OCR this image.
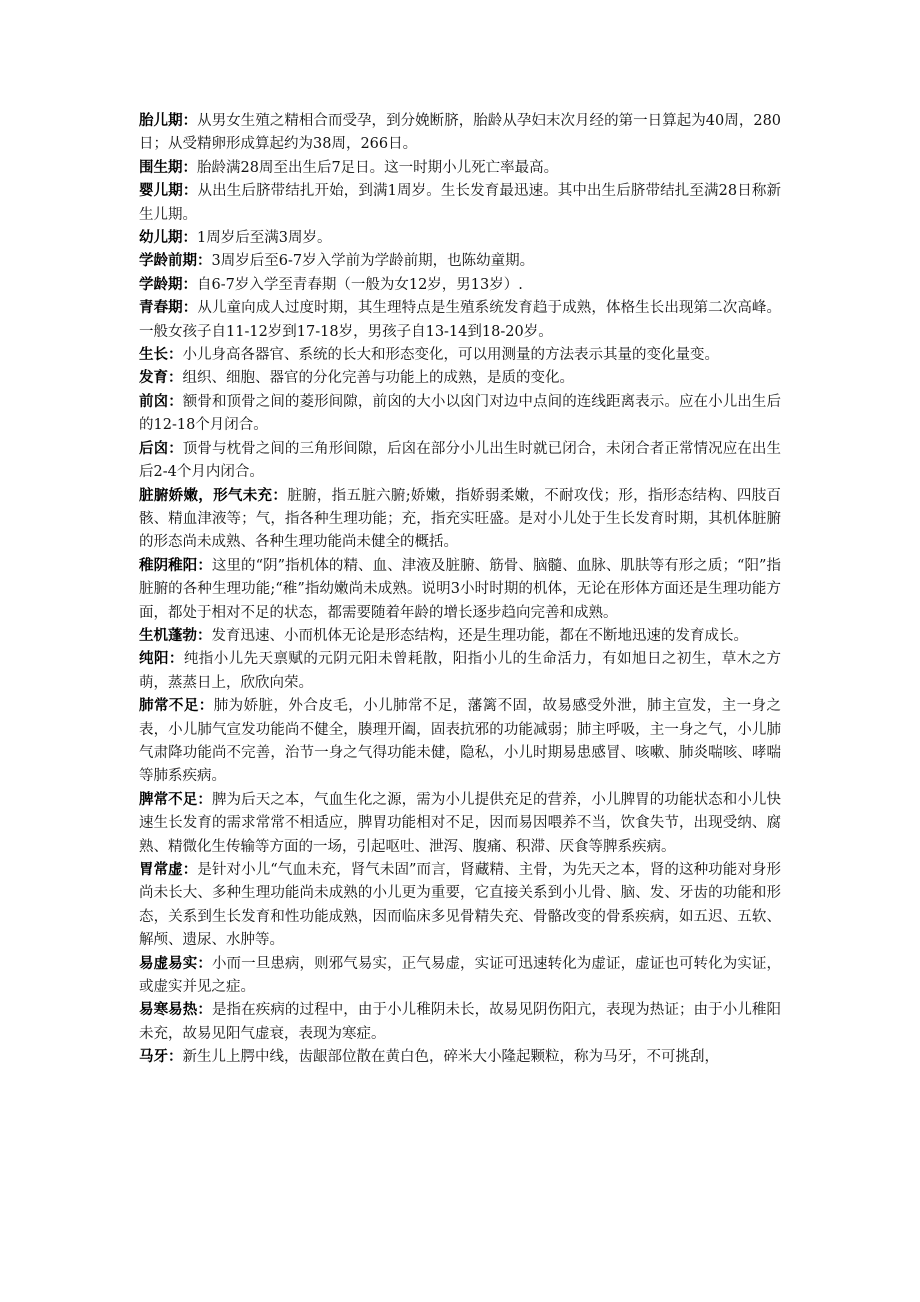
胎儿期：从男女生殖之精相合而受孕，到分娩断脐，胎龄从孕妇末次月经的第一日算起为40周，280日；从受精卵形成算起约为38周，266日。

围生期：胎龄满28周至出生后7足日。这一时期小儿死亡率最高。

婴儿期：从出生后脐带结扎开始，到满1周岁。生长发育最迅速。其中出生后脐带结扎至满28日称新生儿期。

幼儿期：1周岁后至满3周岁。

学龄前期：3周岁后至6-7岁入学前为学龄前期，也陈幼童期。

学龄期：自6-7岁入学至青春期（一般为女12岁，男13岁）.

青春期：从儿童向成人过度时期，其生理特点是生殖系统发育趋于成熟，体格生长出现第二次高峰。一般女孩子自11-12岁到17-18岁，男孩子自13-14到18-20岁。

生长：小儿身高各器官、系统的长大和形态变化，可以用测量的方法表示其量的变化量变。

发育：组织、细胞、器官的分化完善与功能上的成熟，是质的变化。

前囟：额骨和顶骨之间的菱形间隙，前囟的大小以囟门对边中点间的连线距离表示。应在小儿出生后的12-18个月闭合。

后囟：顶骨与枕骨之间的三角形间隙，后囟在部分小儿出生时就已闭合，未闭合者正常情况应在出生后2-4个月内闭合。

脏腑娇嫩，形气未充：脏腑，指五脏六腑;娇嫩，指娇弱柔嫩，不耐攻伐；形，指形态结构、四肢百骸、精血津液等；气，指各种生理功能；充，指充实旺盛。是对小儿处于生长发育时期，其机体脏腑的形态尚未成熟、各种生理功能尚未健全的概括。

稚阴稚阳：这里的“阴”指机体的精、血、津液及脏腑、筋骨、脑髓、血脉、肌肤等有形之质；“阳”指脏腑的各种生理功能;“稚”指幼嫩尚未成熟。说明3小时时期的机体，无论在形体方面还是生理功能方面，都处于相对不足的状态，都需要随着年龄的增长逐步趋向完善和成熟。

生机蓬勃：发育迅速、小而机体无论是形态结构，还是生理功能，都在不断地迅速的发育成长。

纯阳：纯指小儿先天禀赋的元阴元阳未曾耗散，阳指小儿的生命活力，有如旭日之初生，草木之方萌，蒸蒸日上，欣欣向荣。

肺常不足：肺为娇脏，外合皮毛，小儿肺常不足，藩篱不固，故易感受外泄，肺主宣发，主一身之表，小儿肺气宣发功能尚不健全，腠理开阖，固表抗邪的功能减弱；肺主呼吸，主一身之气，小儿肺气肃降功能尚不完善，治节一身之气得功能未健，隐私，小儿时期易患感冒、咳嗽、肺炎喘咳、哮喘等肺系疾病。

脾常不足：脾为后天之本，气血生化之源，需为小儿提供充足的营养，小儿脾胃的功能状态和小儿快速生长发育的需求常常不相适应，脾胃功能相对不足，因而易因喂养不当，饮食失节，出现受纳、腐熟、精微化生传输等方面的一场，引起呕吐、泄泻、腹痛、积滞、厌食等脾系疾病。

胃常虚：是针对小儿“气血未充，肾气未固”而言，肾藏精、主骨，为先天之本，肾的这种功能对身形尚未长大、多种生理功能尚未成熟的小儿更为重要，它直接关系到小儿骨、脑、发、牙齿的功能和形态，关系到生长发育和性功能成熟，因而临床多见骨精失充、骨骼改变的骨系疾病，如五迟、五软、解颅、遗尿、水肿等。

易虚易实：小而一旦患病，则邪气易实，正气易虚，实证可迅速转化为虚证，虚证也可转化为实证，或虚实并见之症。

易寒易热：是指在疾病的过程中，由于小儿稚阴未长，故易见阴伤阳亢，表现为热证；由于小儿稚阳未充，故易见阳气虚衰，表现为寒症。

马牙：新生儿上腭中线，齿龈部位散在黄白色，碎米大小隆起颗粒，称为马牙，不可挑刮，
